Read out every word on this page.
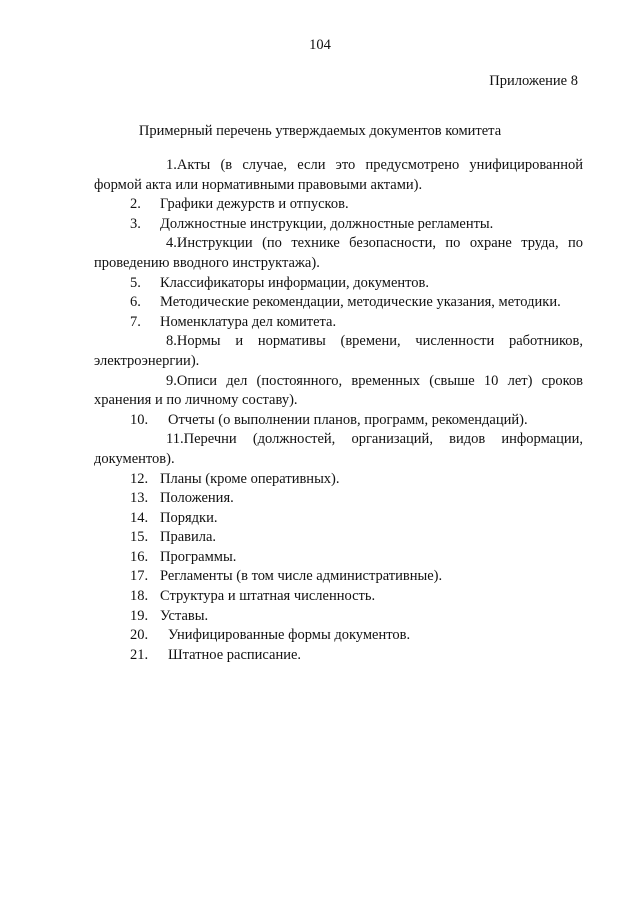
104
Приложение 8
Примерный перечень утверждаемых документов комитета
1.Акты (в случае, если это предусмотрено унифицированной
формой акта или нормативными правовыми актами).
2. Графики дежурств и отпусков.
3. Должностные инструкции, должностные регламенты.
4.Инструкции (по технике безопасности, по охране труда, по
проведению вводного инструктажа).
5. Классификаторы информации, документов.
6. Методические рекомендации, методические указания, методики.
7. Номенклатура дел комитета.
8.Нормы и нормативы (времени, численности работников,
электроэнергии).
9.Описи дел (постоянного, временных (свыше 10 лет) сроков
хранения и по личному составу).
10. Отчеты (о выполнении планов, программ, рекомендаций).
11.Перечни (должностей, организаций, видов информации,
документов).
12. Планы (кроме оперативных).
13. Положения.
14. Порядки.
15. Правила.
16. Программы.
17. Регламенты (в том числе административные).
18. Структура и штатная численность.
19. Уставы.
20. Унифицированные формы документов.
21. Штатное расписание.
